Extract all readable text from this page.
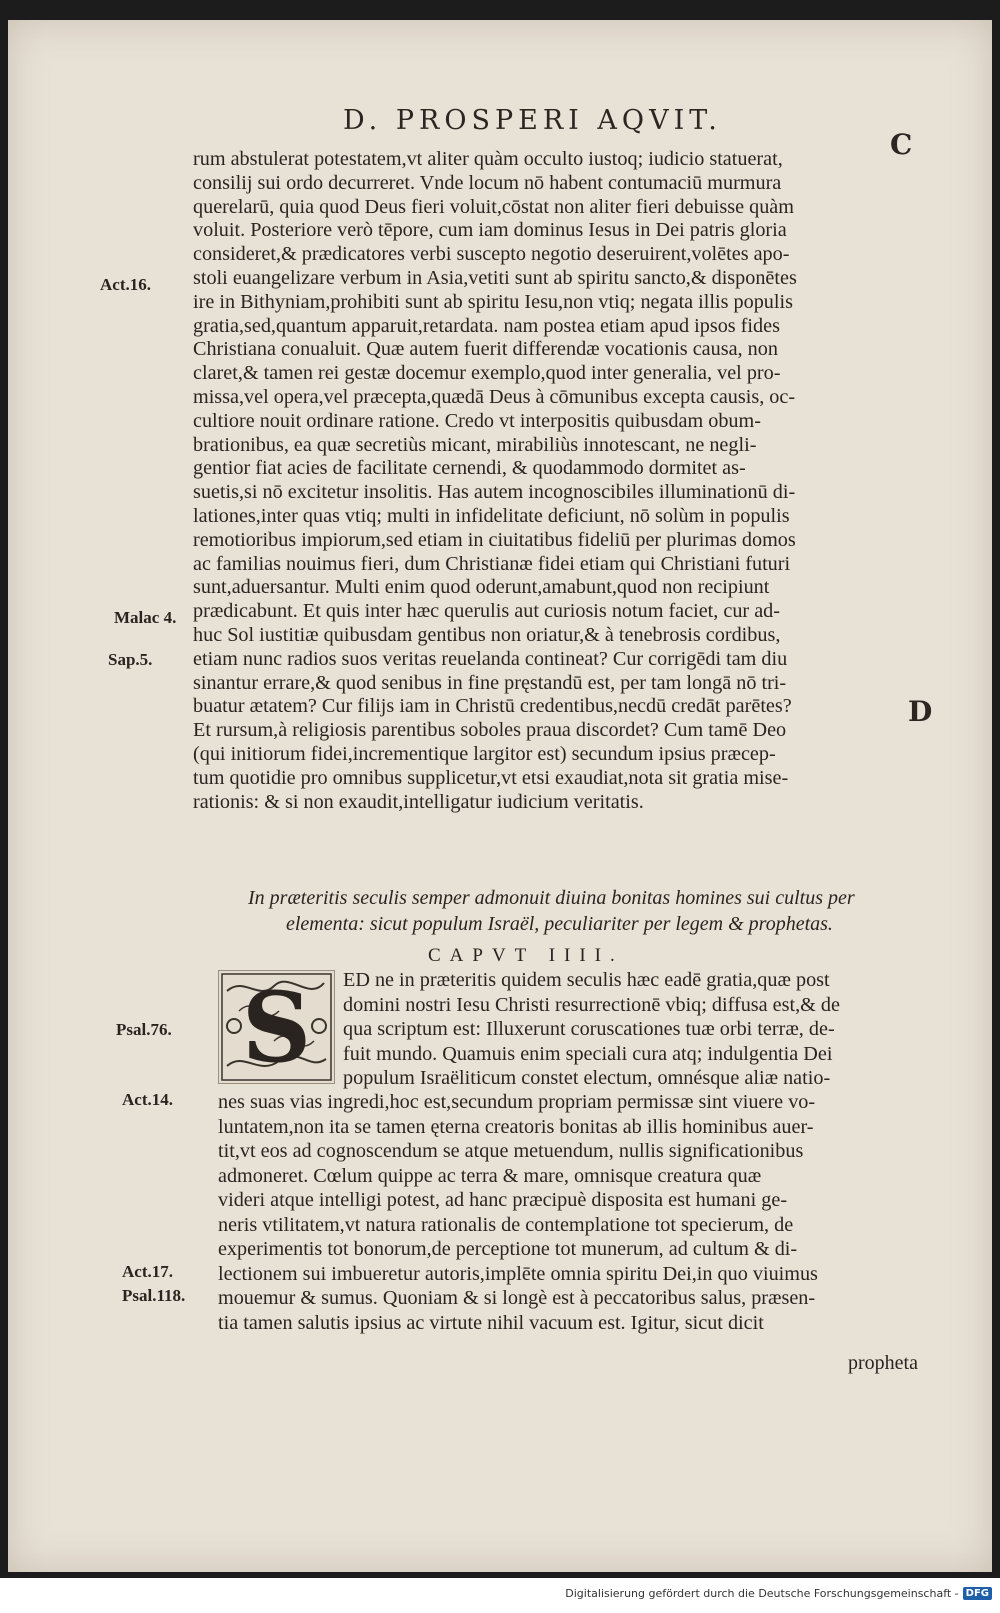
D. PROSPERI AQVIT.
C
D
Act.16.
Malac 4.
Sap.5.
rum abstulerat potestatem,vt aliter quàm occulto iustoq; iudicio statuerat,
consilij sui ordo decurreret. Vnde locum nō habent contumaciū murmura
querelarū, quia quod Deus fieri voluit,cōstat non aliter fieri debuisse quàm
voluit. Posteriore verò tēpore, cum iam dominus Iesus in Dei patris gloria
consideret,& prædicatores verbi suscepto negotio deseruirent,volētes apo-
stoli euangelizare verbum in Asia,vetiti sunt ab spiritu sancto,& disponētes
ire in Bithyniam,prohibiti sunt ab spiritu Iesu,non vtiq; negata illis populis
gratia,sed,quantum apparuit,retardata. nam postea etiam apud ipsos fides
Christiana conualuit. Quæ autem fuerit differendæ vocationis causa, non
claret,& tamen rei gestæ docemur exemplo,quod inter generalia, vel pro-
missa,vel opera,vel præcepta,quædā Deus à cōmunibus excepta causis, oc-
cultiore nouit ordinare ratione. Credo vt interpositis quibusdam obum-
brationibus, ea quæ secretiùs micant, mirabiliùs innotescant, ne negli-
gentior fiat acies de facilitate cernendi, & quodammodo dormitet as-
suetis,si nō excitetur insolitis. Has autem incognoscibiles illuminationū di-
lationes,inter quas vtiq; multi in infidelitate deficiunt, nō solùm in populis
remotioribus impiorum,sed etiam in ciuitatibus fideliū per plurimas domos
ac familias nouimus fieri, dum Christianæ fidei etiam qui Christiani futuri
sunt,aduersantur. Multi enim quod oderunt,amabunt,quod non recipiunt
prædicabunt. Et quis inter hæc querulis aut curiosis notum faciet, cur ad-
huc Sol iustitiæ quibusdam gentibus non oriatur,& à tenebrosis cordibus,
etiam nunc radios suos veritas reuelanda contineat? Cur corrigēdi tam diu
sinantur errare,& quod senibus in fine pręstandū est, per tam longā nō tri-
buatur ætatem? Cur filijs iam in Christū credentibus,necdū credāt parētes?
Et rursum,à religiosis parentibus soboles praua discordet? Cum tamē Deo
(qui initiorum fidei,incrementique largitor est) secundum ipsius præcep-
tum quotidie pro omnibus supplicetur,vt etsi exaudiat,nota sit gratia mise-
rationis: & si non exaudit,intelligatur iudicium veritatis.
In præteritis seculis semper admonuit diuina bonitas homines sui cultus per
elementa: sicut populum Israël, peculiariter per legem & prophetas.
CAPVT IIII.
S	ED ne in præteritis quidem seculis hæc eadē gratia,quæ post
domini nostri Iesu Christi resurrectionē vbiq; diffusa est,& de
qua scriptum est: Illuxerunt coruscationes tuæ orbi terræ, de-
fuit mundo. Quamuis enim speciali cura atq; indulgentia Dei
populum Israëliticum constet electum, omnésque aliæ natio-
Psal.76.
Act.14. nes suas vias ingredi,hoc est,secundum propriam permissæ sint viuere vo-
luntatem,non ita se tamen ęterna creatoris bonitas ab illis hominibus auer-
tit,vt eos ad cognoscendum se atque metuendum, nullis significationibus
admoneret. Cœlum quippe ac terra & mare, omnisque creatura quæ
videri atque intelligi potest, ad hanc præcipuè disposita est humani ge-
neris vtilitatem,vt natura rationalis de contemplatione tot specierum, de
experimentis tot bonorum,de perceptione tot munerum, ad cultum & di-
lectionem sui imbueretur autoris,implēte omnia spiritu Dei,in quo viuimus
mouemur & sumus. Quoniam & si longè est à peccatoribus salus, præsen-
tia tamen salutis ipsius ac virtute nihil vacuum est. Igitur, sicut dicit
Act.17.
Psal.118.
propheta
Digitalisierung gefördert durch die Deutsche Forschungsgemeinschaft - DFG
